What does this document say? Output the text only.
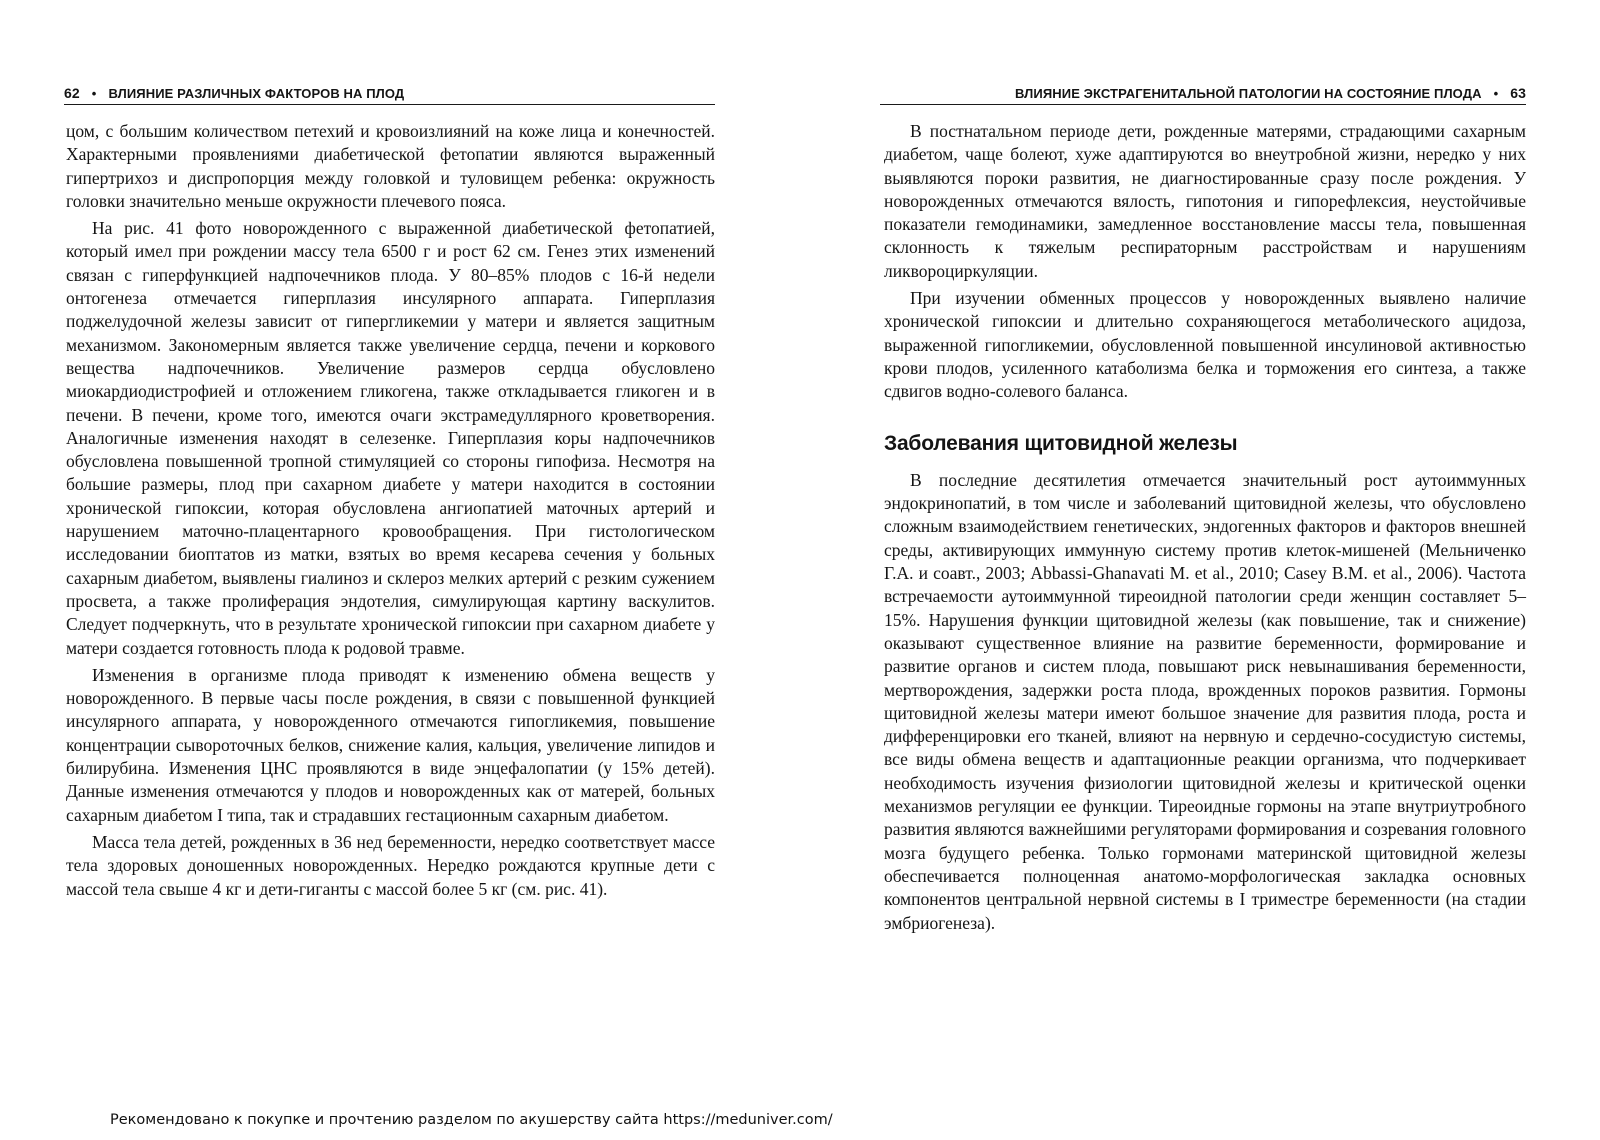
62 • ВЛИЯНИЕ РАЗЛИЧНЫХ ФАКТОРОВ НА ПЛОД

цом, с большим количеством петехий и кровоизлияний на коже лица и конечностей. Характерными проявлениями диабетической фетопатии являются выраженный гипертрихоз и диспропорция между головкой и туловищем ребенка: окружность головки значительно меньше окружности плечевого пояса.

На рис. 41 фото новорожденного с выраженной диабетической фетопатией, который имел при рождении массу тела 6500 г и рост 62 см. Генез этих изменений связан с гиперфункцией надпочечников плода. У 80–85% плодов с 16-й недели онтогенеза отмечается гиперплазия инсулярного аппарата. Гиперплазия поджелудочной железы зависит от гипергликемии у матери и является защитным механизмом. Закономерным является также увеличение сердца, печени и коркового вещества надпочечников. Увеличение размеров сердца обусловлено миокардиодистрофией и отложением гликогена, также откладывается гликоген и в печени. В печени, кроме того, имеются очаги экстрамедуллярного кроветворения. Аналогичные изменения находят в селезенке. Гиперплазия коры надпочечников обусловлена повышенной тропной стимуляцией со стороны гипофиза. Несмотря на большие размеры, плод при сахарном диабете у матери находится в состоянии хронической гипоксии, которая обусловлена ангиопатией маточных артерий и нарушением маточно-плацентарного кровообращения. При гистологическом исследовании биоптатов из матки, взятых во время кесарева сечения у больных сахарным диабетом, выявлены гиалиноз и склероз мелких артерий с резким сужением просвета, а также пролиферация эндотелия, симулирующая картину васкулитов. Следует подчеркнуть, что в результате хронической гипоксии при сахарном диабете у матери создается готовность плода к родовой травме.

Изменения в организме плода приводят к изменению обмена веществ у новорожденного. В первые часы после рождения, в связи с повышенной функцией инсулярного аппарата, у новорожденного отмечаются гипогликемия, повышение концентрации сывороточных белков, снижение калия, кальция, увеличение липидов и билирубина. Изменения ЦНС проявляются в виде энцефалопатии (у 15% детей). Данные изменения отмечаются у плодов и новорожденных как от матерей, больных сахарным диабетом I типа, так и страдавших гестационным сахарным диабетом.

Масса тела детей, рожденных в 36 нед беременности, нередко соответствует массе тела здоровых доношенных новорожденных. Нередко рождаются крупные дети с массой тела свыше 4 кг и дети-гиганты с массой более 5 кг (см. рис. 41).

ВЛИЯНИЕ ЭКСТРАГЕНИТАЛЬНОЙ ПАТОЛОГИИ НА СОСТОЯНИЕ ПЛОДА • 63

В постнатальном периоде дети, рожденные матерями, страдающими сахарным диабетом, чаще болеют, хуже адаптируются во внеутробной жизни, нередко у них выявляются пороки развития, не диагностированные сразу после рождения. У новорожденных отмечаются вялость, гипотония и гипорефлексия, неустойчивые показатели гемодинамики, замедленное восстановление массы тела, повышенная склонность к тяжелым респираторным расстройствам и нарушениям ликвороциркуляции.

При изучении обменных процессов у новорожденных выявлено наличие хронической гипоксии и длительно сохраняющегося метаболического ацидоза, выраженной гипогликемии, обусловленной повышенной инсулиновой активностью крови плодов, усиленного катаболизма белка и торможения его синтеза, а также сдвигов водно-солевого баланса.

Заболевания щитовидной железы

В последние десятилетия отмечается значительный рост аутоиммунных эндокринопатий, в том числе и заболеваний щитовидной железы, что обусловлено сложным взаимодействием генетических, эндогенных факторов и факторов внешней среды, активирующих иммунную систему против клеток-мишеней (Мельниченко Г.А. и соавт., 2003; Abbassi-Ghanavati M. et al., 2010; Casey B.M. et al., 2006). Частота встречаемости аутоиммунной тиреоидной патологии среди женщин составляет 5–15%. Нарушения функции щитовидной железы (как повышение, так и снижение) оказывают существенное влияние на развитие беременности, формирование и развитие органов и систем плода, повышают риск невынашивания беременности, мертворождения, задержки роста плода, врожденных пороков развития. Гормоны щитовидной железы матери имеют большое значение для развития плода, роста и дифференцировки его тканей, влияют на нервную и сердечно-сосудистую системы, все виды обмена веществ и адаптационные реакции организма, что подчеркивает необходимость изучения физиологии щитовидной железы и критической оценки механизмов регуляции ее функции. Тиреоидные гормоны на этапе внутриутробного развития являются важнейшими регуляторами формирования и созревания головного мозга будущего ребенка. Только гормонами материнской щитовидной железы обеспечивается полноценная анатомо-морфологическая закладка основных компонентов центральной нервной системы в I триместре беременности (на стадии эмбриогенеза).

Рекомендовано к покупке и прочтению разделом по акушерству сайта https://meduniver.com/
